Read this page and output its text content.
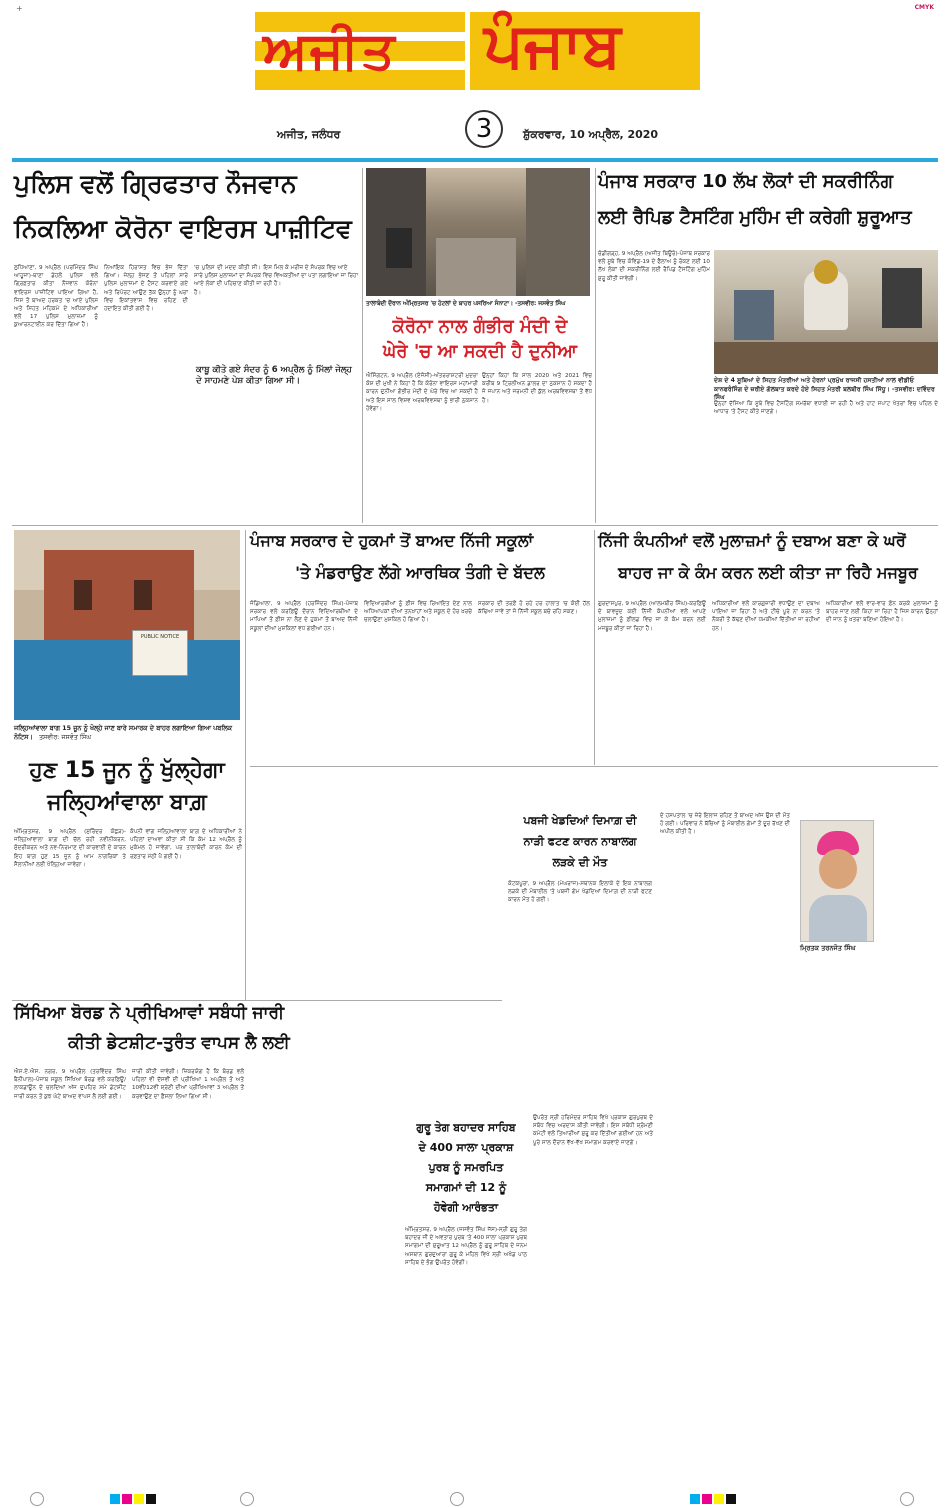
CMYK
+
ਅਜੀਤ ਪੰਜਾਬ
ਅਜੀਤ, ਜਲੰਧਰ	3	ਸ਼ੁੱਕਰਵਾਰ, 10 ਅਪ੍ਰੈਲ, 2020
ਪੁਲਿਸ ਵਲੋਂ ਗ੍ਰਿਫਤਾਰ ਨੌਜਵਾਨ
ਨਿਕਲਿਆ ਕੋਰੋਨਾ ਵਾਇਰਸ ਪਾਜ਼ੀਟਿਵ
ਲੁਧਿਆਣਾ, 9 ਅਪ੍ਰੈਲ (ਪਰਮਿੰਦਰ ਸਿੰਘ ਆਹੂਜਾ)-ਥਾਣਾ ਡੇਹਲੋਂ ਪੁਲਿਸ ਵਲੋਂ ਗ੍ਰਿਫ਼ਤਾਰ ਕੀਤਾ ਨੌਜਵਾਨ ਕੋਰੋਨਾ ਵਾਇਰਸ ਪਾਜ਼ੀਟਿਵ ਪਾਇਆ ਗਿਆ ਹੈ, ਜਿਸ ਤੋਂ ਬਾਅਦ ਹਰਕਤ 'ਚ ਆਏ ਪੁਲਿਸ ਅਤੇ ਸਿਹਤ ਮਹਿਕਮੇ ਦੇ ਅਧਿਕਾਰੀਆਂ ਵਲੋਂ 17 ਪੁਲਿਸ ਮੁਲਾਜ਼ਮਾਂ ਨੂੰ ਕੁਆਰਨਟਾਈਨ ਕਰ ਦਿੱਤਾ ਗਿਆ ਹੈ।
ਨਿਆਂਇਕ ਹਿਰਾਸਤ ਵਿਚ ਭੇਜ ਦਿੱਤਾ ਗਿਆ। ਜੇਲ੍ਹ ਭੇਜਣ ਤੋਂ ਪਹਿਲਾਂ ਸਾਰੇ ਪੁਲਿਸ ਮੁਲਾਜ਼ਮਾਂ ਦੇ ਟੈਸਟ ਕਰਵਾਏ ਗਏ ਅਤੇ ਰਿਪੋਰਟ ਆਉਣ ਤੱਕ ਉਨ੍ਹਾਂ ਨੂੰ ਘਰਾਂ ਵਿਚ ਇਕਾਂਤਵਾਸ ਵਿਚ ਰਹਿਣ ਦੀ ਹਦਾਇਤ ਕੀਤੀ ਗਈ ਹੈ।
'ਚ ਪੁਲਿਸ ਦੀ ਮਦਦ ਕੀਤੀ ਸੀ। ਇਸ ਸਾਰੇ ਪੁਲਿਸ ਮੁਲਾਜ਼ਮਾਂ ਦਾ ਸੰਪਰਕ ਵਿਚ ਆਏ ਲੋਕਾਂ ਦੀ ਪਹਿਚਾਣ ਕੀਤੀ ਜਾ ਰਹੀ ਹੈ।
ਮਿਲ ਕੇ ਮਰੀਜ਼ ਦੇ ਸੰਪਰਕ ਵਿਚ ਆਏ ਵਿਅਕਤੀਆਂ ਦਾ ਪਤਾ ਲਗਾਇਆ ਜਾ ਰਿਹਾ ਹੈ।
ਕਾਬੂ ਕੀਤੇ ਗਏ ਸੰਦਰ ਨੂੰ 6 ਅਪ੍ਰੈਲ ਨੂੰ ਮਿੱਲਾਂ ਜੇਲ੍ਹ ਦੇ ਸਾਹਮਣੇ ਪੇਸ਼ ਕੀਤਾ ਗਿਆ ਸੀ।
ਤਾਲਾਬੰਦੀ ਦੌਰਾਨ ਅੰਮ੍ਰਿਤਸਰ 'ਚ ਹੋਟਲਾਂ ਦੇ ਬਾਹਰ ਪਸਰਿਆ ਸੰਨਾਟਾ। -ਤਸਵੀਰ: ਜਸਵੰਤ ਸਿੰਘ
ਕੋਰੋਨਾ ਨਾਲ ਗੰਭੀਰ ਮੰਦੀ ਦੇ
ਘੇਰੇ 'ਚ ਆ ਸਕਦੀ ਹੈ ਦੁਨੀਆ
ਐਸਿੰਗਟਨ, 9 ਅਪ੍ਰੈਲ (ਏਜੰਸੀ)-ਅੰਤਰਰਾਸ਼ਟਰੀ ਮੁਦਰਾ ਕੋਸ਼ ਦੀ ਮੁਖੀ ਨੇ ਕਿਹਾ ਹੈ ਕਿ ਕੋਰੋਨਾ ਵਾਇਰਸ ਮਹਾਂਮਾਰੀ ਕਾਰਨ ਦੁਨੀਆ ਗੰਭੀਰ ਮੰਦੀ ਦੇ ਘੇਰੇ ਵਿਚ ਆ ਸਕਦੀ ਹੈ ਅਤੇ ਇਸ ਸਾਲ ਵਿਸ਼ਵ ਅਰਥਵਿਵਸਥਾ ਨੂੰ ਭਾਰੀ ਨੁਕਸਾਨ ਹੋਵੇਗਾ।
ਉਨ੍ਹਾਂ ਕਿਹਾ ਕਿ ਸਾਲ 2020 ਅਤੇ 2021 ਵਿਚ ਕਰੀਬ 9 ਟ੍ਰਿਲੀਅਨ ਡਾਲਰ ਦਾ ਨੁਕਸਾਨ ਹੋ ਸਕਦਾ ਹੈ ਜੋ ਜਪਾਨ ਅਤੇ ਜਰਮਨੀ ਦੀ ਕੁੱਲ ਅਰਥਵਿਵਸਥਾ ਤੋਂ ਵੱਧ ਹੈ।
ਪੰਜਾਬ ਸਰਕਾਰ 10 ਲੱਖ ਲੋਕਾਂ ਦੀ ਸਕਰੀਨਿੰਗ
ਲਈ ਰੈਪਿਡ ਟੈਸਟਿੰਗ ਮੁਹਿੰਮ ਦੀ ਕਰੇਗੀ ਸ਼ੁਰੂਆਤ
ਚੰਡੀਗੜ੍ਹ, 9 ਅਪ੍ਰੈਲ (ਅਜੀਤ ਬਿਊਰੋ)-ਪੰਜਾਬ ਸਰਕਾਰ ਵਲੋਂ ਸੂਬੇ ਵਿਚ ਕੋਵਿਡ-19 ਦੇ ਫੈਲਾਅ ਨੂੰ ਰੋਕਣ ਲਈ 10 ਲੱਖ ਲੋਕਾਂ ਦੀ ਸਕਰੀਨਿੰਗ ਲਈ ਰੈਪਿਡ ਟੈਸਟਿੰਗ ਮੁਹਿੰਮ ਸ਼ੁਰੂ ਕੀਤੀ ਜਾਵੇਗੀ।
ਦੇਸ਼ ਦੇ 4 ਸੂਬਿਆਂ ਦੇ ਸਿਹਤ ਮੰਤਰੀਆਂ ਅਤੇ ਹੋਰਨਾਂ ਪ੍ਰਮੁੱਖ ਰਾਜਸੀ ਹਸਤੀਆਂ ਨਾਲ ਵੀਡੀਓ ਕਾਨਫਰੰਸਿੰਗ ਦੇ ਜ਼ਰੀਏ ਗੱਲਬਾਤ ਕਰਦੇ ਹੋਏ ਸਿਹਤ ਮੰਤਰੀ ਬਲਬੀਰ ਸਿੰਘ ਸਿੱਧੂ। -ਤਸਵੀਰ: ਦਵਿੰਦਰ ਸਿੰਘ
ਉਨ੍ਹਾਂ ਦੱਸਿਆ ਕਿ ਸੂਬੇ ਵਿਚ ਟੈਸਟਿੰਗ ਸਮਰੱਥਾ ਵਧਾਈ ਜਾ ਰਹੀ ਹੈ ਅਤੇ ਹਾਟ ਸਪਾਟ ਖੇਤਰਾਂ ਵਿਚ ਪਹਿਲ ਦੇ ਆਧਾਰ 'ਤੇ ਟੈਸਟ ਕੀਤੇ ਜਾਣਗੇ।
PUBLIC NOTICE
ਜਲ੍ਹਿਆਂਵਾਲਾ ਬਾਗ 15 ਜੂਨ ਨੂੰ ਖੋਲ੍ਹੇ ਜਾਣ ਬਾਰੇ ਸਮਾਰਕ ਦੇ ਬਾਹਰ ਲਗਾਇਆ ਗਿਆ ਪਬਲਿਕ ਨੋਟਿਸ। ਤਸਵੀਰ: ਜਸਵੰਤ ਸਿੰਘ
ਹੁਣ 15 ਜੂਨ ਨੂੰ ਖੁੱਲ੍ਹੇਗਾ
ਜਲ੍ਹਿਆਂਵਾਲਾ ਬਾਗ਼
ਅੰਮ੍ਰਿਤਸਰ, 9 ਅਪ੍ਰੈਲ (ਸੁਰਿੰਦਰ ਕੋਛੜ)-ਜਲ੍ਹਿਆਂਵਾਲਾ ਬਾਗ਼ ਦੀ ਚੱਲ ਰਹੀ ਨਵੀਨੀਕਰਨ, ਸੁੰਦਰੀਕਰਨ ਅਤੇ ਨਵ-ਨਿਰਮਾਣ ਦੀ ਕਾਰਵਾਈ ਦੇ ਕਾਰਨ ਇਹ ਬਾਗ਼ ਹੁਣ 15 ਜੂਨ ਨੂੰ ਆਮ ਨਾਗਰਿਕਾਂ ਤੇ ਸੈਲਾਨੀਆਂ ਲਈ ਖੋਲ੍ਹਿਆ ਜਾਵੇਗਾ।
ਕੰਪਨੀ ਵਾਂਗ ਜਲ੍ਹਿਆਂਵਾਲਾ ਬਾਗ਼ ਦੇ ਅਧਿਕਾਰੀਆਂ ਨੇ ਪਹਿਲਾਂ ਦਾਅਵਾ ਕੀਤਾ ਸੀ ਕਿ ਕੰਮ 12 ਅਪ੍ਰੈਲ ਨੂੰ ਮੁਕੰਮਲ ਹੋ ਜਾਵੇਗਾ, ਪਰ ਤਾਲਾਬੰਦੀ ਕਾਰਨ ਕੰਮ ਦੀ ਰਫ਼ਤਾਰ ਮੱਠੀ ਪੈ ਗਈ ਹੈ।
ਪੰਜਾਬ ਸਰਕਾਰ ਦੇ ਹੁਕਮਾਂ ਤੋਂ ਬਾਅਦ ਨਿੱਜੀ ਸਕੂਲਾਂ
'ਤੇ ਮੰਡਰਾਉਣ ਲੱਗੇ ਆਰਥਿਕ ਤੰਗੀ ਦੇ ਬੱਦਲ
ਜੰਡਿਆਲਾ, 9 ਅਪ੍ਰੈਲ (ਹਰਜਿੰਦਰ ਸਿੰਘ)-ਪੰਜਾਬ ਸਰਕਾਰ ਵਲੋਂ ਕਰਫ਼ਿਊ ਦੌਰਾਨ ਵਿਦਿਆਰਥੀਆਂ ਦੇ ਮਾਪਿਆਂ ਤੋਂ ਫ਼ੀਸ ਨਾ ਲੈਣ ਦੇ ਹੁਕਮਾਂ ਤੋਂ ਬਾਅਦ ਨਿੱਜੀ ਸਕੂਲਾਂ ਦੀਆਂ ਮੁਸ਼ਕਿਲਾਂ ਵਧ ਗਈਆਂ ਹਨ।
ਵਿਦਿਆਰਥੀਆਂ ਨੂੰ ਫ਼ੀਸ ਵਿਚ ਰਿਆਇਤ ਦੇਣ ਨਾਲ ਅਧਿਆਪਕਾਂ ਦੀਆਂ ਤਨਖ਼ਾਹਾਂ ਅਤੇ ਸਕੂਲ ਦੇ ਹੋਰ ਖ਼ਰਚੇ ਚਲਾਉਣਾ ਮੁਸ਼ਕਿਲ ਹੋ ਗਿਆ ਹੈ।
ਸਰਕਾਰ ਦੀ ਤਰਫ਼ੋਂ ਹੋ ਰਹੇ ਹਰ ਹਾਲਾਤ 'ਚ ਕੋਈ ਹੱਲ ਕੱਢਿਆ ਜਾਵੇ ਤਾਂ ਜੋ ਨਿੱਜੀ ਸਕੂਲ ਬਚੇ ਰਹਿ ਸਕਣ।
ਨਿੱਜੀ ਕੰਪਨੀਆਂ ਵਲੋਂ ਮੁਲਾਜ਼ਮਾਂ ਨੂੰ ਦਬਾਅ ਬਣਾ ਕੇ ਘਰੋਂ
ਬਾਹਰ ਜਾ ਕੇ ਕੰਮ ਕਰਨ ਲਈ ਕੀਤਾ ਜਾ ਰਿਹੈ ਮਜਬੂਰ
ਗੁਰਦਾਸਪੁਰ, 9 ਅਪ੍ਰੈਲ (ਆਲਮਬੀਰ ਸਿੰਘ)-ਕਰਫ਼ਿਊ ਦੇ ਬਾਵਜੂਦ ਕਈ ਨਿੱਜੀ ਕੰਪਨੀਆਂ ਵਲੋਂ ਆਪਣੇ ਮੁਲਾਜ਼ਮਾਂ ਨੂੰ ਫ਼ੀਲਡ ਵਿਚ ਜਾ ਕੇ ਕੰਮ ਕਰਨ ਲਈ ਮਜਬੂਰ ਕੀਤਾ ਜਾ ਰਿਹਾ ਹੈ।
ਅਧਿਕਾਰੀਆਂ ਵਲੋਂ ਕਾਰਗੁਜ਼ਾਰੀ ਵਧਾਉਣ ਦਾ ਦਬਾਅ ਪਾਇਆ ਜਾ ਰਿਹਾ ਹੈ ਅਤੇ ਟੀਚੇ ਪੂਰੇ ਨਾ ਕਰਨ 'ਤੇ ਨੌਕਰੀ ਤੋਂ ਕੱਢਣ ਦੀਆਂ ਧਮਕੀਆਂ ਦਿੱਤੀਆਂ ਜਾ ਰਹੀਆਂ ਹਨ।
ਅਧਿਕਾਰੀਆਂ ਵਲੋਂ ਵਾਰ-ਵਾਰ ਫ਼ੋਨ ਕਰਕੇ ਮੁਲਾਜ਼ਮਾਂ ਨੂੰ ਬਾਹਰ ਜਾਣ ਲਈ ਕਿਹਾ ਜਾ ਰਿਹਾ ਹੈ ਜਿਸ ਕਾਰਨ ਉਨ੍ਹਾਂ ਦੀ ਜਾਨ ਨੂੰ ਖ਼ਤਰਾ ਬਣਿਆ ਹੋਇਆ ਹੈ।
ਪਬਜੀ ਖੇਡਦਿਆਂ ਦਿਮਾਗ਼ ਦੀ
ਨਾੜੀ ਫਟਣ ਕਾਰਨ ਨਾਬਾਲਗ
ਲੜਕੇ ਦੀ ਮੌਤ
ਕੋਟਕਪੂਰਾ, 9 ਅਪ੍ਰੈਲ (ਮੇਘਰਾਜ)-ਸਥਾਨਕ ਇਲਾਕੇ ਦੇ ਇਕ ਨਾਬਾਲਗ ਲੜਕੇ ਦੀ ਮੋਬਾਈਲ 'ਤੇ ਪਬਜੀ ਗੇਮ ਖੇਡਦਿਆਂ ਦਿਮਾਗ਼ ਦੀ ਨਾੜੀ ਫਟਣ ਕਾਰਨ ਮੌਤ ਹੋ ਗਈ।
ਦੇ ਹਸਪਤਾਲ 'ਚ ਜ਼ੇਰੇ ਇਲਾਜ ਰਹਿਣ ਤੋਂ ਬਾਅਦ ਅੱਜ ਉਸ ਦੀ ਮੌਤ ਹੋ ਗਈ। ਪਰਿਵਾਰ ਨੇ ਬੱਚਿਆਂ ਨੂੰ ਮੋਬਾਈਲ ਗੇਮਾਂ ਤੋਂ ਦੂਰ ਰੱਖਣ ਦੀ ਅਪੀਲ ਕੀਤੀ ਹੈ।
ਮ੍ਰਿਤਕ ਤਰਨਜੋਤ ਸਿੰਘ
ਸਿੱਖਿਆ ਬੋਰਡ ਨੇ ਪ੍ਰੀਖਿਆਵਾਂ ਸਬੰਧੀ ਜਾਰੀ
ਕੀਤੀ ਡੇਟਸ਼ੀਟ-ਤੁਰੰਤ ਵਾਪਸ ਲੈ ਲਈ
ਐਸ.ਏ.ਐਸ. ਨਗਰ, 9 ਅਪ੍ਰੈਲ (ਤਰਵਿੰਦਰ ਸਿੰਘ ਬੈਨੀਪਾਲ)-ਪੰਜਾਬ ਸਕੂਲ ਸਿੱਖਿਆ ਬੋਰਡ ਵਲੋਂ ਕਰਫ਼ਿਊ/ਲਾਕਡਾਊਨ ਦੇ ਚਲਦਿਆਂ ਅੱਜ ਦੁਪਹਿਰ ਸਮੇਂ ਡੇਟਸ਼ੀਟ ਜਾਰੀ ਕਰਨ ਤੋਂ ਕੁਝ ਘੰਟੇ ਬਾਅਦ ਵਾਪਸ ਲੈ ਲਈ ਗਈ।
ਜਾਰੀ ਕੀਤੀ ਜਾਵੇਗੀ। ਜ਼ਿਕਰਯੋਗ ਹੈ ਕਿ ਬੋਰਡ ਵਲੋਂ ਪਹਿਲਾਂ ਵੀ ਦੱਸਵੀਂ ਦੀ ਪ੍ਰੀਖਿਆ 1 ਅਪ੍ਰੈਲ ਤੋਂ ਅਤੇ 10ਵੀਂ/12ਵੀਂ ਸ਼੍ਰੇਣੀ ਦੀਆਂ ਪ੍ਰੀਖਿਆਵਾਂ 3 ਅਪ੍ਰੈਲ ਤੋਂ ਕਰਵਾਉਣ ਦਾ ਫ਼ੈਸਲਾ ਲਿਆ ਗਿਆ ਸੀ।
ਗੁਰੂ ਤੇਗ ਬਹਾਦਰ ਸਾਹਿਬ
ਦੇ 400 ਸਾਲਾ ਪ੍ਰਕਾਸ਼
ਪੁਰਬ ਨੂੰ ਸਮਰਪਿਤ
ਸਮਾਗਮਾਂ ਦੀ 12 ਨੂੰ
ਹੋਵੇਗੀ ਆਰੰਭਤਾ
ਅੰਮ੍ਰਿਤਸਰ, 9 ਅਪ੍ਰੈਲ (ਜਸਵੰਤ ਸਿੰਘ ਜੱਸ)-ਸ੍ਰੀ ਗੁਰੂ ਤੇਗ ਬਹਾਦਰ ਜੀ ਦੇ ਅਵਤਾਰ ਪੁਰਬ 'ਤੇ 400 ਸਾਲਾ ਪ੍ਰਕਾਸ਼ ਪੁਰਬ ਸਮਾਗਮਾਂ ਦੀ ਸ਼ੁਰੂਆਤ 12 ਅਪ੍ਰੈਲ ਨੂੰ ਗੁਰੂ ਸਾਹਿਬ ਦੇ ਜਨਮ ਅਸਥਾਨ ਗੁਰਦੁਆਰਾ ਗੁਰੂ ਕੇ ਮਹਿਲ ਵਿਖੇ ਸ੍ਰੀ ਅਖੰਡ ਪਾਠ ਸਾਹਿਬ ਦੇ ਭੋਗ ਉਪਰੰਤ ਹੋਵੇਗੀ।
ਉਪਰੰਤ ਸ੍ਰੀ ਹਰਿਮੰਦਰ ਸਾਹਿਬ ਵਿਖੇ ਪ੍ਰਕਾਸ਼ ਗੁਰਪੁਰਬ ਦੇ ਸਬੰਧ ਵਿਚ ਅਰਦਾਸ ਕੀਤੀ ਜਾਵੇਗੀ। ਇਸ ਸਬੰਧੀ ਸ਼੍ਰੋਮਣੀ ਕਮੇਟੀ ਵਲੋਂ ਤਿਆਰੀਆਂ ਸ਼ੁਰੂ ਕਰ ਦਿੱਤੀਆਂ ਗਈਆਂ ਹਨ ਅਤੇ ਪੂਰੇ ਸਾਲ ਦੌਰਾਨ ਵੱਖ-ਵੱਖ ਸਮਾਗਮ ਕਰਵਾਏ ਜਾਣਗੇ।
